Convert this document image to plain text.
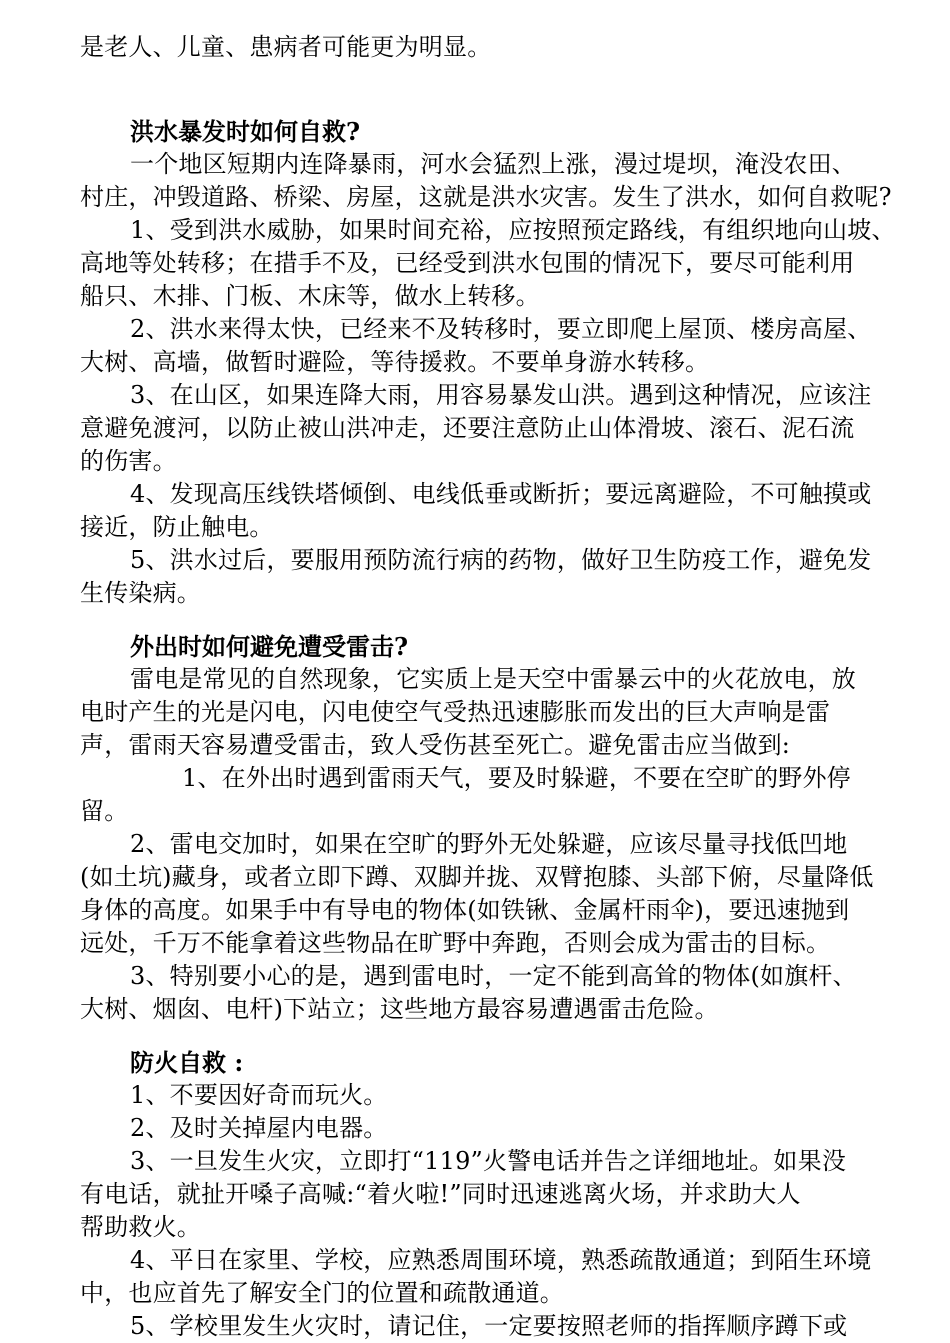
是老人、儿童、患病者可能更为明显。
洪水暴发时如何自救?
一个地区短期内连降暴雨，河水会猛烈上涨，漫过堤坝，淹没农田、
村庄，冲毁道路、桥梁、房屋，这就是洪水灾害。发生了洪水，如何自救呢?
1、受到洪水威胁，如果时间充裕，应按照预定路线，有组织地向山坡、
高地等处转移；在措手不及，已经受到洪水包围的情况下，要尽可能利用
船只、木排、门板、木床等，做水上转移。
2、洪水来得太快，已经来不及转移时，要立即爬上屋顶、楼房高屋、
大树、高墙，做暂时避险，等待援救。不要单身游水转移。
3、在山区，如果连降大雨，用容易暴发山洪。遇到这种情况，应该注
意避免渡河，以防止被山洪冲走，还要注意防止山体滑坡、滚石、泥石流
的伤害。
4、发现高压线铁塔倾倒、电线低垂或断折；要远离避险，不可触摸或
接近，防止触电。
5、洪水过后，要服用预防流行病的药物，做好卫生防疫工作，避免发
生传染病。
外出时如何避免遭受雷击?
雷电是常见的自然现象，它实质上是天空中雷暴云中的火花放电，放
电时产生的光是闪电，闪电使空气受热迅速膨胀而发出的巨大声响是雷
声，雷雨天容易遭受雷击，致人受伤甚至死亡。避免雷击应当做到:
1、在外出时遇到雷雨天气，要及时躲避，不要在空旷的野外停
留。
2、雷电交加时，如果在空旷的野外无处躲避，应该尽量寻找低凹地
(如土坑)藏身，或者立即下蹲、双脚并拢、双臂抱膝、头部下俯，尽量降低
身体的高度。如果手中有导电的物体(如铁锹、金属杆雨伞)，要迅速抛到
远处，千万不能拿着这些物品在旷野中奔跑，否则会成为雷击的目标。
3、特别要小心的是，遇到雷电时，一定不能到高耸的物体(如旗杆、
大树、烟囱、电杆)下站立；这些地方最容易遭遇雷击危险。
防火自救 :
1、不要因好奇而玩火。
2、及时关掉屋内电器。
3、一旦发生火灾，立即打“119”火警电话并告之详细地址。如果没
有电话，就扯开嗓子高喊:“着火啦!”同时迅速逃离火场，并求助大人
帮助救火。
4、平日在家里、学校，应熟悉周围环境，熟悉疏散通道；到陌生环境
中，也应首先了解安全门的位置和疏散通道。
5、学校里发生火灾时，请记住，一定要按照老师的指挥顺序蹲下或
